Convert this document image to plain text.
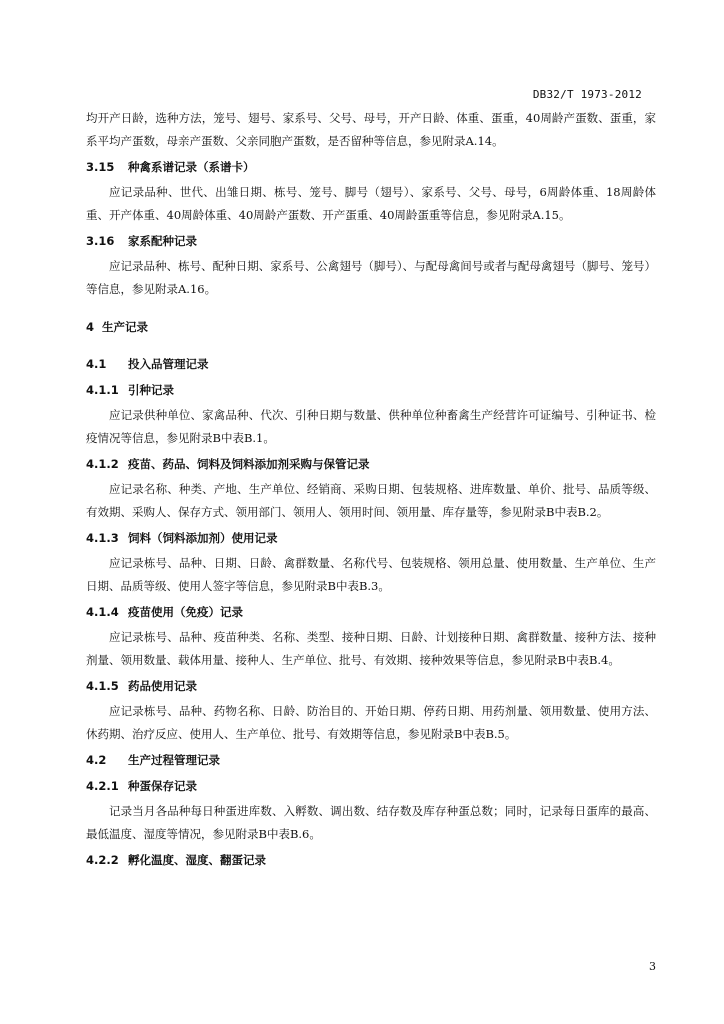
DB32/T 1973-2012

均开产日龄，选种方法，笼号、翅号、家系号、父号、母号，开产日龄、体重、蛋重，40周龄产蛋数、蛋重，家系平均产蛋数，母亲产蛋数、父亲同胞产蛋数，是否留种等信息，参见附录A.14。

3.15 种禽系谱记录（系谱卡）

应记录品种、世代、出雏日期、栋号、笼号、脚号（翅号）、家系号、父号、母号，6周龄体重、18周龄体重、开产体重、40周龄体重、40周龄产蛋数、开产蛋重、40周龄蛋重等信息，参见附录A.15。

3.16 家系配种记录

应记录品种、栋号、配种日期、家系号、公禽翅号（脚号）、与配母禽间号或者与配母禽翅号（脚号、笼号）等信息，参见附录A.16。

4 生产记录
4.1 投入品管理记录
4.1.1 引种记录

应记录供种单位、家禽品种、代次、引种日期与数量、供种单位种畜禽生产经营许可证编号、引种证书、检疫情况等信息，参见附录B中表B.1。

4.1.2 疫苗、药品、饲料及饲料添加剂采购与保管记录

应记录名称、种类、产地、生产单位、经销商、采购日期、包装规格、进库数量、单价、批号、品质等级、有效期、采购人、保存方式、领用部门、领用人、领用时间、领用量、库存量等，参见附录B中表B.2。

4.1.3 饲料（饲料添加剂）使用记录

应记录栋号、品种、日期、日龄、禽群数量、名称代号、包装规格、领用总量、使用数量、生产单位、生产日期、品质等级、使用人签字等信息，参见附录B中表B.3。

4.1.4 疫苗使用（免疫）记录

应记录栋号、品种、疫苗种类、名称、类型、接种日期、日龄、计划接种日期、禽群数量、接种方法、接种剂量、领用数量、载体用量、接种人、生产单位、批号、有效期、接种效果等信息，参见附录B中表B.4。

4.1.5 药品使用记录

应记录栋号、品种、药物名称、日龄、防治目的、开始日期、停药日期、用药剂量、领用数量、使用方法、休药期、治疗反应、使用人、生产单位、批号、有效期等信息，参见附录B中表B.5。

4.2 生产过程管理记录
4.2.1 种蛋保存记录

记录当月各品种每日种蛋进库数、入孵数、调出数、结存数及库存种蛋总数；同时，记录每日蛋库的最高、最低温度、湿度等情况，参见附录B中表B.6。

4.2.2 孵化温度、湿度、翻蛋记录
3
